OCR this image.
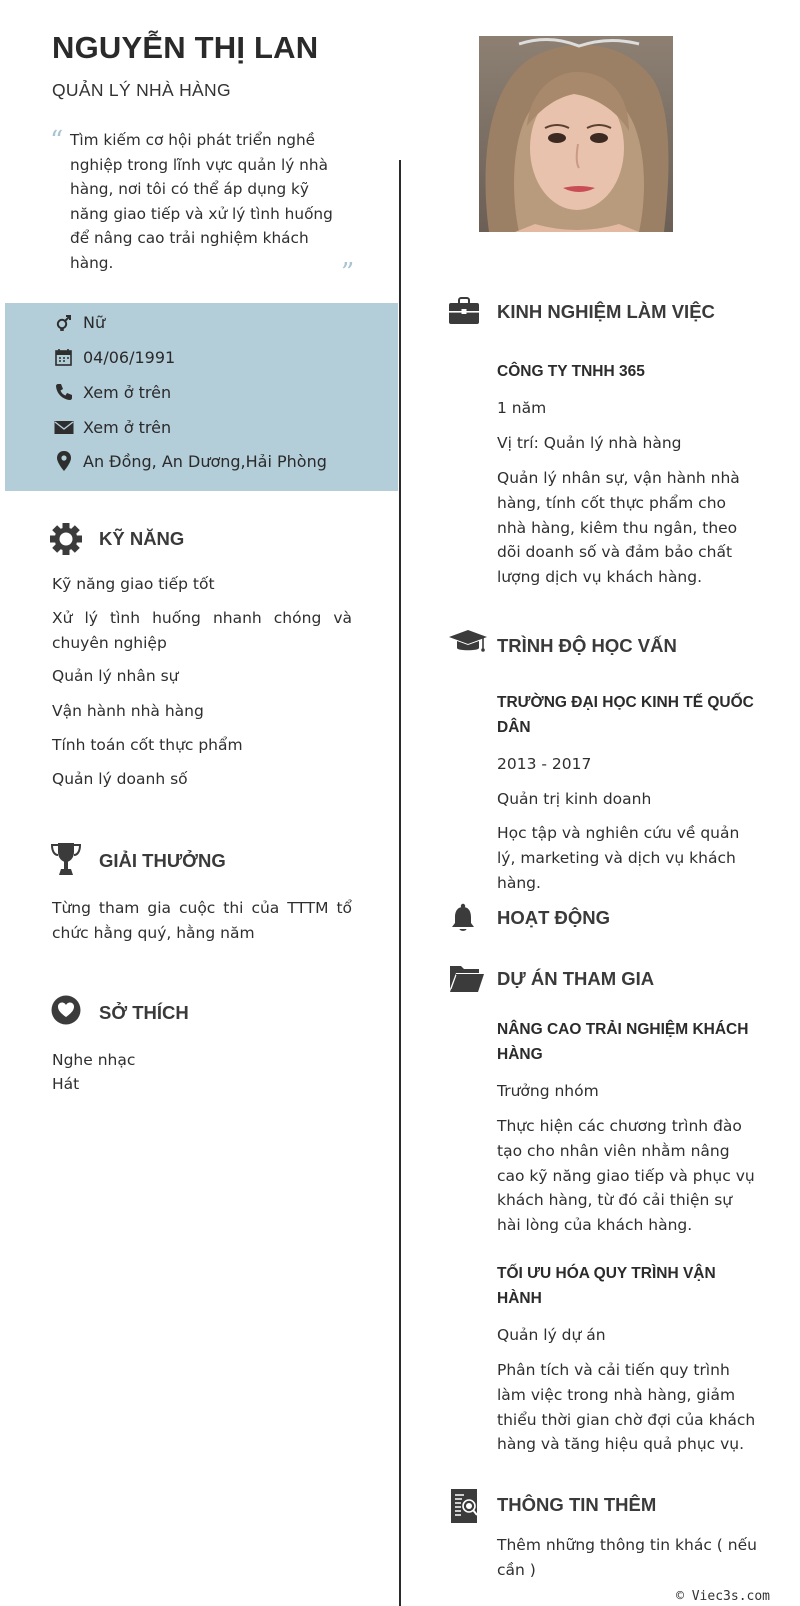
NGUYỄN THỊ LAN
QUẢN LÝ NHÀ HÀNG
“ Tìm kiếm cơ hội phát triển nghề nghiệp trong lĩnh vực quản lý nhà hàng, nơi tôi có thể áp dụng kỹ năng giao tiếp và xử lý tình huống để nâng cao trải nghiệm khách hàng.	”
Nữ
04/06/1991
Xem ở trên
Xem ở trên
An Đồng, An Dương,Hải Phòng
KỸ NĂNG
Kỹ năng giao tiếp tốt
Xử lý tình huống nhanh chóng và chuyên nghiệp
Quản lý nhân sự
Vận hành nhà hàng
Tính toán cốt thực phẩm
Quản lý doanh số
GIẢI THƯỞNG
Từng tham gia cuộc thi của TTTM tổ chức hằng quý, hằng năm
SỞ THÍCH
Nghe nhạc
Hát
KINH NGHIỆM LÀM VIỆC
CÔNG TY TNHH 365
1 năm
Vị trí: Quản lý nhà hàng
Quản lý nhân sự, vận hành nhà hàng, tính cốt thực phẩm cho nhà hàng, kiêm thu ngân, theo dõi doanh số và đảm bảo chất lượng dịch vụ khách hàng.
TRÌNH ĐỘ HỌC VẤN
TRƯỜNG ĐẠI HỌC KINH TẾ QUỐC DÂN
2013 - 2017
Quản trị kinh doanh
Học tập và nghiên cứu về quản lý, marketing và dịch vụ khách hàng.
HOẠT ĐỘNG
DỰ ÁN THAM GIA
NÂNG CAO TRẢI NGHIỆM KHÁCH HÀNG
Trưởng nhóm
Thực hiện các chương trình đào tạo cho nhân viên nhằm nâng cao kỹ năng giao tiếp và phục vụ khách hàng, từ đó cải thiện sự hài lòng của khách hàng.
TỐI ƯU HÓA QUY TRÌNH VẬN HÀNH
Quản lý dự án
Phân tích và cải tiến quy trình làm việc trong nhà hàng, giảm thiểu thời gian chờ đợi của khách hàng và tăng hiệu quả phục vụ.
THÔNG TIN THÊM
Thêm những thông tin khác ( nếu cần )
© Viec3s.com
